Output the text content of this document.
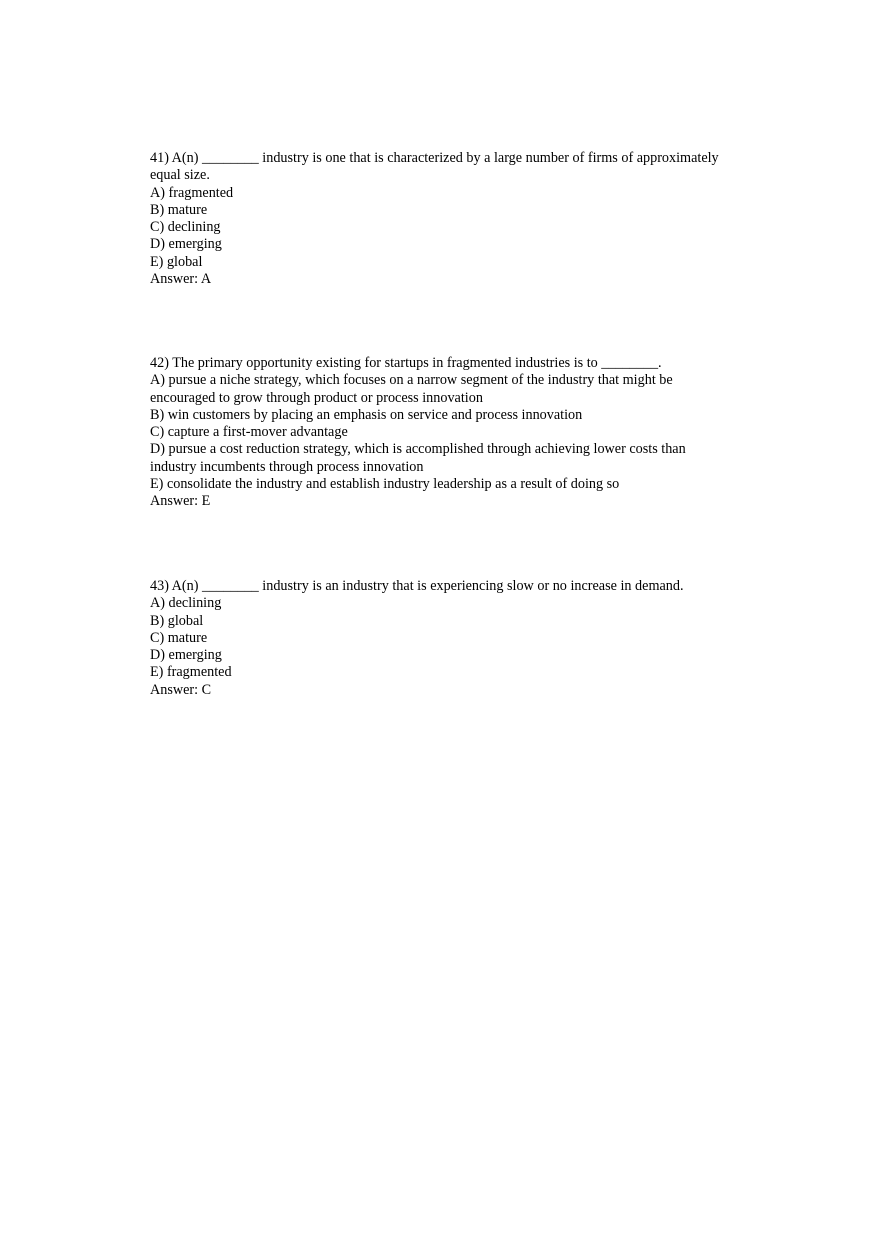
41) A(n) ________ industry is one that is characterized by a large number of firms of approximately equal size.
A) fragmented
B) mature
C) declining
D) emerging
E) global
Answer: A
42) The primary opportunity existing for startups in fragmented industries is to ________.
A) pursue a niche strategy, which focuses on a narrow segment of the industry that might be encouraged to grow through product or process innovation
B) win customers by placing an emphasis on service and process innovation
C) capture a first-mover advantage
D) pursue a cost reduction strategy, which is accomplished through achieving lower costs than industry incumbents through process innovation
E) consolidate the industry and establish industry leadership as a result of doing so
Answer: E
43) A(n) ________ industry is an industry that is experiencing slow or no increase in demand.
A) declining
B) global
C) mature
D) emerging
E) fragmented
Answer: C
